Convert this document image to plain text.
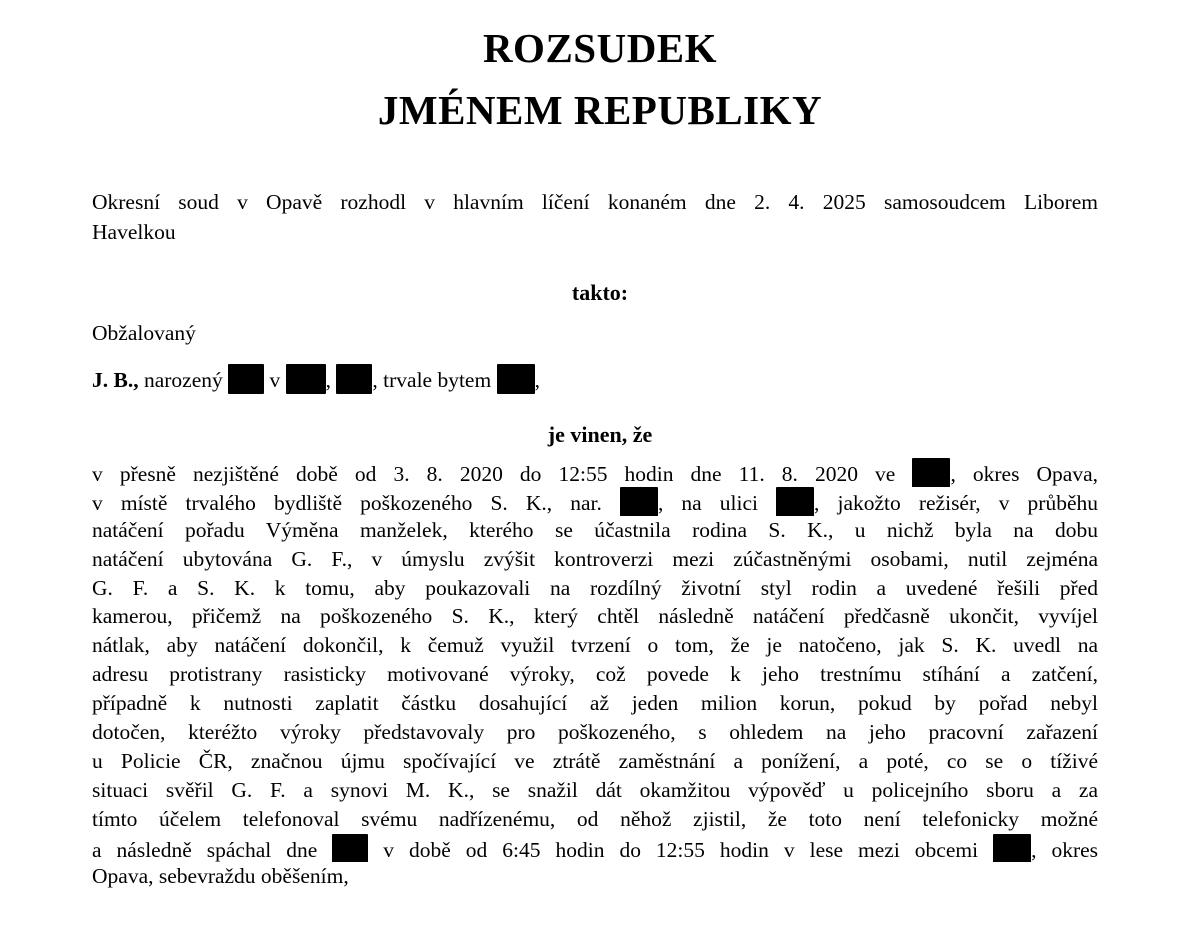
ROZSUDEK
JMÉNEM REPUBLIKY
Okresní soud v Opavě rozhodl v hlavním líčení konaném dne 2. 4. 2025 samosoudcem Liborem
Havelkou
takto:
Obžalovaný
J. B., narozený  v , , trvale bytem ,
je vinen, že
v přesně nezjištěné době od 3. 8. 2020 do 12:55 hodin dne 11. 8. 2020 ve	, okres Opava,
v místě trvalého bydliště poškozeného S. K., nar.	, na ulici	, jakožto režisér, v průběhu
natáčení pořadu Výměna manželek, kterého se účastnila rodina S. K., u nichž byla na dobu
natáčení ubytována G. F., v úmyslu zvýšit kontroverzi mezi zúčastněnými osobami, nutil zejména
G. F. a S. K. k tomu, aby poukazovali na rozdílný životní styl rodin a uvedené řešili před
kamerou, přičemž na poškozeného S. K., který chtěl následně natáčení předčasně ukončit, vyvíjel
nátlak, aby natáčení dokončil, k čemuž využil tvrzení o tom, že je natočeno, jak S. K. uvedl na
adresu protistrany rasisticky motivované výroky, což povede k jeho trestnímu stíhání a zatčení,
případně k nutnosti zaplatit částku dosahující až jeden milion korun, pokud by pořad nebyl
dotočen, kteréžto výroky představovaly pro poškozeného, s ohledem na jeho pracovní zařazení
u Policie ČR, značnou újmu spočívající ve ztrátě zaměstnání a ponížení, a poté, co se o tíživé
situaci svěřil G. F. a synovi M. K., se snažil dát okamžitou výpověď u policejního sboru a za
tímto účelem telefonoval svému nadřízenému, od něhož zjistil, že toto není telefonicky možné
a následně spáchal dne	v době od 6:45 hodin do 12:55 hodin v lese mezi obcemi , okres
Opava, sebevraždu oběšením,
